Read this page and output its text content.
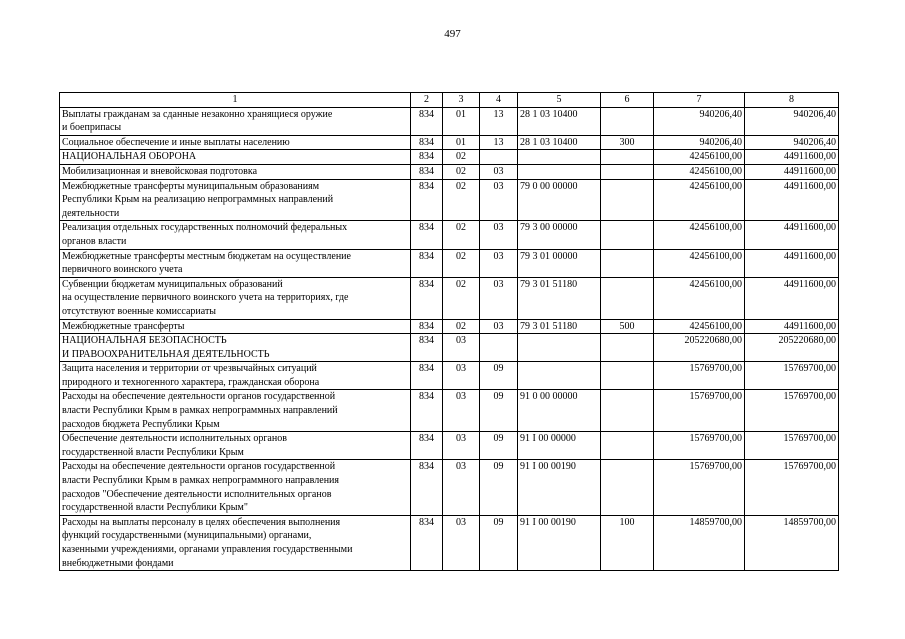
497
1	2	3	4	5	6	7	8

Выплаты гражданам за сданные незаконно хранящиеся оружие
и боеприпасы	834	01	13	28 1 03 10400		940206,40	940206,40

Социальное обеспечение и иные выплаты населению	834	01	13	28 1 03 10400	300	940206,40	940206,40

НАЦИОНАЛЬНАЯ ОБОРОНА	834	02				42456100,00	44911600,00

Мобилизационная и вневойсковая подготовка	834	02	03			42456100,00	44911600,00

Межбюджетные трансферты муниципальным образованиям
Республики Крым на реализацию непрограммных направлений
деятельности	834	02	03	79 0 00 00000		42456100,00	44911600,00

Реализация отдельных государственных полномочий федеральных
органов власти	834	02	03	79 3 00 00000		42456100,00	44911600,00

Межбюджетные трансферты местным бюджетам на осуществление
первичного воинского учета	834	02	03	79 3 01 00000		42456100,00	44911600,00

Субвенции бюджетам муниципальных образований
на осуществление первичного воинского учета на территориях, где
отсутствуют военные комиссариаты	834	02	03	79 3 01 51180		42456100,00	44911600,00

Межбюджетные трансферты	834	02	03	79 3 01 51180	500	42456100,00	44911600,00

НАЦИОНАЛЬНАЯ БЕЗОПАСНОСТЬ
И ПРАВООХРАНИТЕЛЬНАЯ ДЕЯТЕЛЬНОСТЬ	834	03				205220680,00	205220680,00

Защита населения и территории от чрезвычайных ситуаций
природного и техногенного характера, гражданская оборона	834	03	09			15769700,00	15769700,00

Расходы на обеспечение деятельности органов государственной
власти Республики Крым в рамках непрограммных направлений
расходов бюджета Республики Крым	834	03	09	91 0 00 00000		15769700,00	15769700,00

Обеспечение деятельности исполнительных органов
государственной власти Республики Крым	834	03	09	91 I 00 00000		15769700,00	15769700,00

Расходы на обеспечение деятельности органов государственной
власти Республики Крым в рамках непрограммного направления
расходов "Обеспечение деятельности исполнительных органов
государственной власти Республики Крым"	834	03	09	91 I 00 00190		15769700,00	15769700,00

Расходы на выплаты персоналу в целях обеспечения выполнения
функций государственными (муниципальными) органами,
казенными учреждениями, органами управления государственными
внебюджетными фондами	834	03	09	91 I 00 00190	100	14859700,00	14859700,00
